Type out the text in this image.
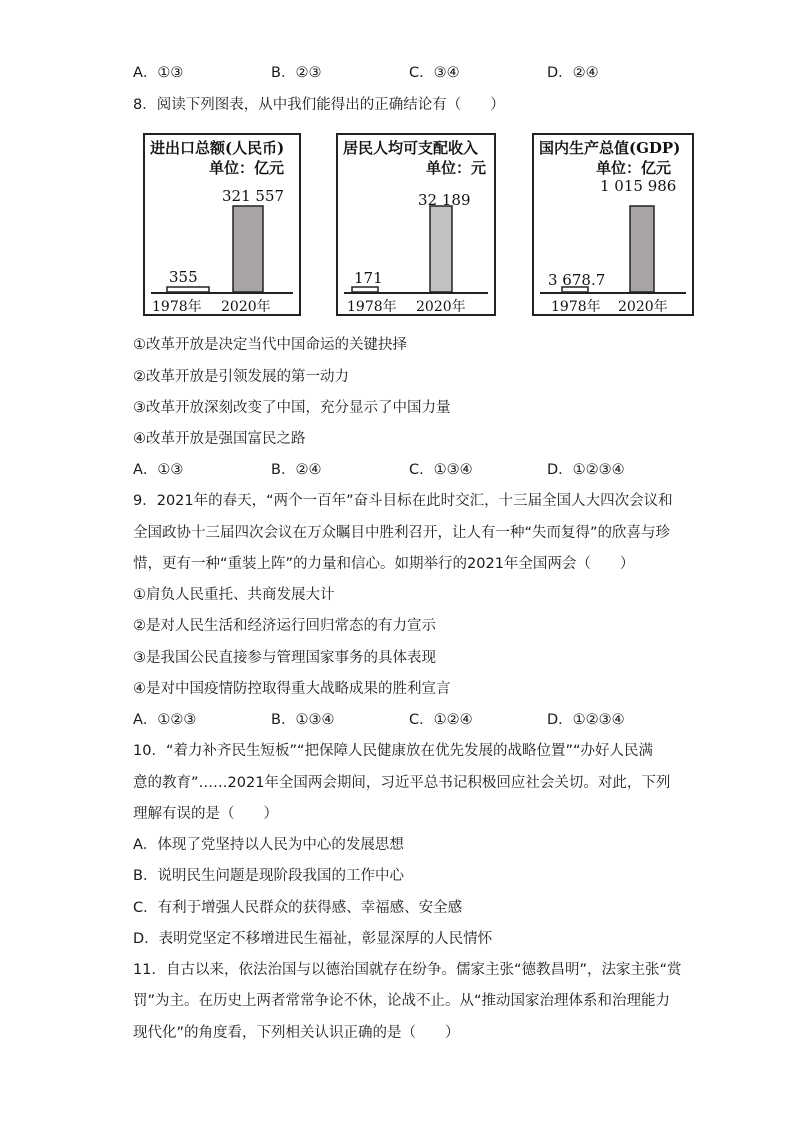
A．①③	B．②③	C．③④	D．②④
8．阅读下列图表，从中我们能得出的正确结论有（　　）
进出口总额(人民币)
单位：亿元
321 557
355
1978年 2020年
居民人均可支配收入
单位：元
32 189
171
1978年 2020年
国内生产总值(GDP)
单位：亿元
1 015 986
3 678.7
1978年 2020年
①改革开放是决定当代中国命运的关键抉择
②改革开放是引领发展的第一动力
③改革开放深刻改变了中国，充分显示了中国力量
④改革开放是强国富民之路
A．①③	B．②④	C．①③④	D．①②③④
9．2021年的春天，“两个一百年”奋斗目标在此时交汇，十三届全国人大四次会议和
全国政协十三届四次会议在万众瞩目中胜利召开，让人有一种“失而复得”的欣喜与珍
惜，更有一种“重装上阵”的力量和信心。如期举行的2021年全国两会（　　）
①肩负人民重托、共商发展大计
②是对人民生活和经济运行回归常态的有力宣示
③是我国公民直接参与管理国家事务的具体表现
④是对中国疫情防控取得重大战略成果的胜利宣言
A．①②③	B．①③④	C．①②④	D．①②③④
10．“着力补齐民生短板”“把保障人民健康放在优先发展的战略位置”“办好人民满
意的教育”……2021年全国两会期间，习近平总书记积极回应社会关切。对此，下列
理解有误的是（　　）
A．体现了党坚持以人民为中心的发展思想
B．说明民生问题是现阶段我国的工作中心
C．有利于增强人民群众的获得感、幸福感、安全感
D．表明党坚定不移增进民生福祉，彰显深厚的人民情怀
11．自古以来，依法治国与以德治国就存在纷争。儒家主张“德教昌明”，法家主张“赏
罚”为主。在历史上两者常常争论不休，论战不止。从“推动国家治理体系和治理能力
现代化”的角度看，下列相关认识正确的是（　　）
